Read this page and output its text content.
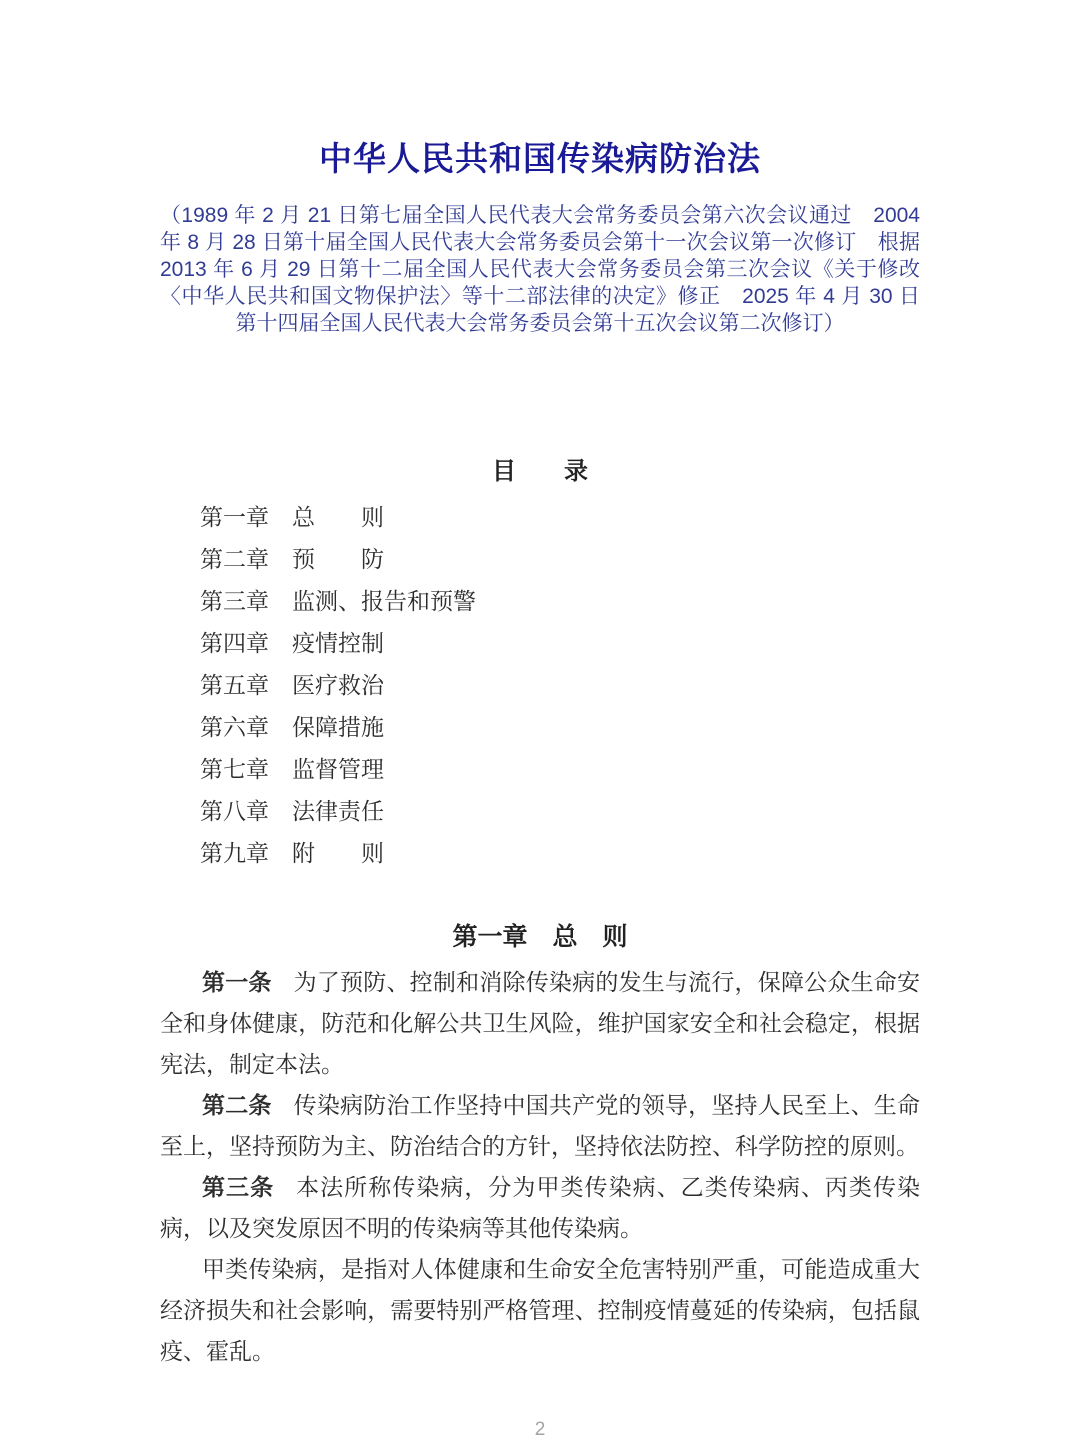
中华人民共和国传染病防治法

（1989 年 2 月 21 日第七届全国人民代表大会常务委员会第六次会议通过　2004 年 8 月 28 日第十届全国人民代表大会常务委员会第十一次会议第一次修订　根据 2013 年 6 月 29 日第十二届全国人民代表大会常务委员会第三次会议《关于修改〈中华人民共和国文物保护法〉等十二部法律的决定》修正　2025 年 4 月 30 日第十四届全国人民代表大会常务委员会第十五次会议第二次修订）

目　　录
第一章 总　　则
第二章 预　　防
第三章 监测、报告和预警
第四章 疫情控制
第五章 医疗救治
第六章 保障措施
第七章 监督管理
第八章 法律责任
第九章 附　　则
第一章　总　则

第一条 为了预防、控制和消除传染病的发生与流行，保障公众生命安全和身体健康，防范和化解公共卫生风险，维护国家安全和社会稳定，根据宪法，制定本法。

第二条 传染病防治工作坚持中国共产党的领导，坚持人民至上、生命至上，坚持预防为主、防治结合的方针，坚持依法防控、科学防控的原则。

第三条 本法所称传染病，分为甲类传染病、乙类传染病、丙类传染病，以及突发原因不明的传染病等其他传染病。

甲类传染病，是指对人体健康和生命安全危害特别严重，可能造成重大经济损失和社会影响，需要特别严格管理、控制疫情蔓延的传染病，包括鼠疫、霍乱。

2
